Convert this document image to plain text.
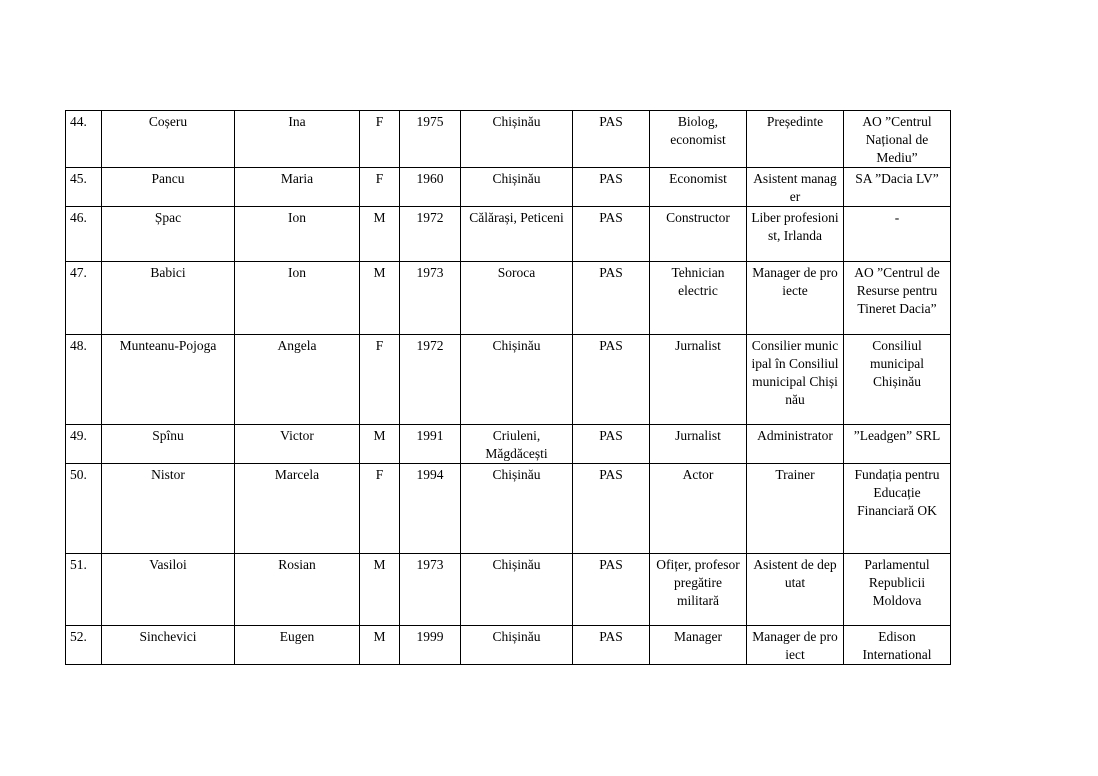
44.	Coșeru	Ina	F	1975	Chișinău	PAS	Biolog, economist	Președinte	AO ”Centrul Național de Mediu”
45.	Pancu	Maria	F	1960	Chișinău	PAS	Economist	Asistent manager	SA ”Dacia LV”
46.	Șpac	Ion	M	1972	Călărași, Peticeni	PAS	Constructor	Liber profesionist, Irlanda	-
47.	Babici	Ion	M	1973	Soroca	PAS	Tehnician electric	Manager de proiecte	AO ”Centrul de Resurse pentru Tineret Dacia”
48.	Munteanu-Pojoga	Angela	F	1972	Chișinău	PAS	Jurnalist	Consilier municipal în Consiliul municipal Chișinău	Consiliul municipal Chișinău
49.	Spînu	Victor	M	1991	Criuleni, Măgdăcești	PAS	Jurnalist	Administrator	”Leadgen” SRL
50.	Nistor	Marcela	F	1994	Chișinău	PAS	Actor	Trainer	Fundația pentru Educație Financiară OK
51.	Vasiloi	Rosian	M	1973	Chișinău	PAS	Ofițer, profesor pregătire militară	Asistent de deputat	Parlamentul Republicii Moldova
52.	Sinchevici	Eugen	M	1999	Chișinău	PAS	Manager	Manager de proiect	Edison International
